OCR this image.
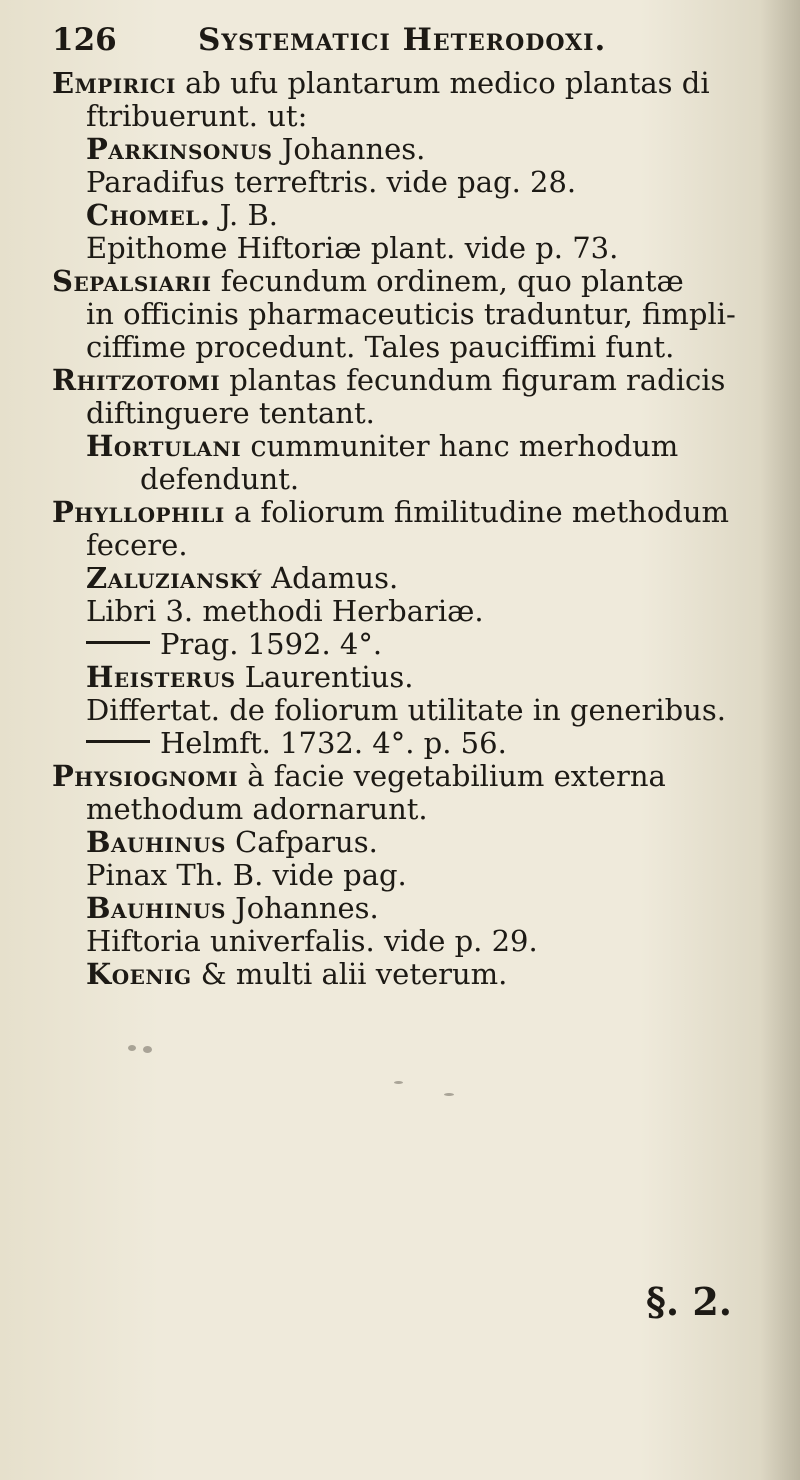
126	Systematici Heterodoxi.
Empirici ab ufu plantarum medico plantas di
ftribuerunt. ut:
Parkinsonus Johannes.
Paradifus terreftris. vide pag. 28.
Chomel. J. B.
Epithome Hiftoriæ plant. vide p. 73.
Sepalsiarii fecundum ordinem, quo plantæ
in officinis pharmaceuticis traduntur, fimpli-
ciffime procedunt. Tales pauciffimi funt.
Rhitzotomi plantas fecundum figuram radicis
diftinguere tentant.
Hortulani cummuniter hanc merhodum
defendunt.
Phyllophili a foliorum fimilitudine methodum
fecere.
Zaluzianský Adamus.
Libri 3. methodi Herbariæ.
Prag. 1592. 4°.
Heisterus Laurentius.
Differtat. de foliorum utilitate in generibus.
Helmft. 1732. 4°. p. 56.
Physiognomi à facie vegetabilium externa
methodum adornarunt.
Bauhinus Cafparus.
Pinax Th. B. vide pag.
Bauhinus Johannes.
Hiftoria univerfalis. vide p. 29.
Koenig & multi alii veterum.
§. 2.
